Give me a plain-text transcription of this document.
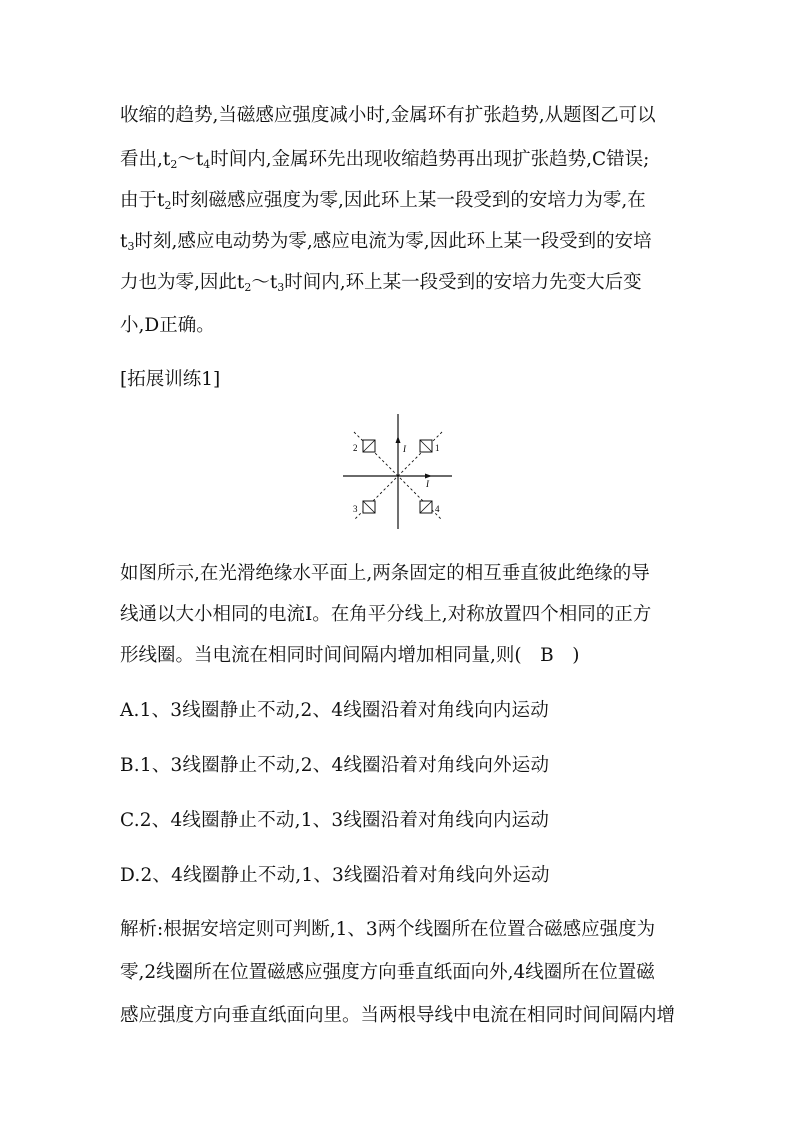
收缩的趋势,当磁感应强度减小时,金属环有扩张趋势,从题图乙可以
看出$,t_2\sim t_4$时间内,金属环先出现收缩趋势再出现扩张趋势,C错误;
由于$t_2$时刻磁感应强度为零,因此环上某一段受到的安培力为零,在
$t_3$时刻,感应电动势为零,感应电流为零,因此环上某一段受到的安培
力也为零,因此$t_2\sim t_3$时间内,环上某一段受到的安培力先变大后变
小,D正确。
[拓展训练1]
2	1
3	4
I
I
如图所示,在光滑绝缘水平面上,两条固定的相互垂直彼此绝缘的导
线通以大小相同的电流I。在角平分线上,对称放置四个相同的正方
形线圈。当电流在相同时间间隔内增加相同量,则(　B　)
A.1、3线圈静止不动,2、4线圈沿着对角线向内运动
B.1、3线圈静止不动,2、4线圈沿着对角线向外运动
C.2、4线圈静止不动,1、3线圈沿着对角线向内运动
D.2、4线圈静止不动,1、3线圈沿着对角线向外运动
解析:根据安培定则可判断,1、3两个线圈所在位置合磁感应强度为
零,2线圈所在位置磁感应强度方向垂直纸面向外,4线圈所在位置磁
感应强度方向垂直纸面向里。当两根导线中电流在相同时间间隔内增
